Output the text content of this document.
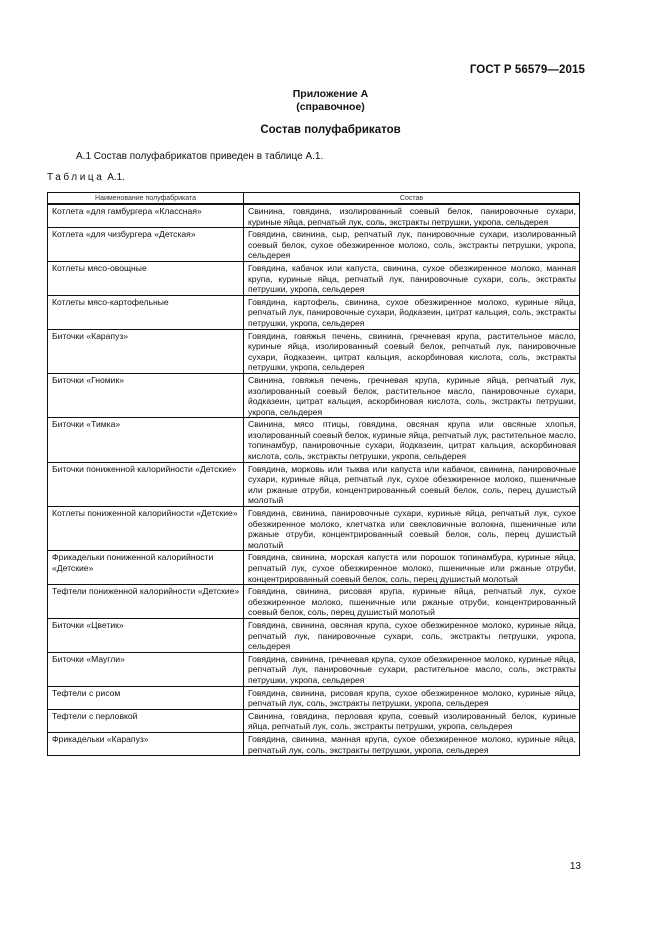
ГОСТ Р 56579—2015
Приложение А
(справочное)
Состав полуфабрикатов
А.1 Состав полуфабрикатов приведен в таблице А.1.
Таблица А.1.
Наименование полуфабриката	Состав
Котлета «для гамбургера «Классная»	Свинина, говядина, изолированный соевый белок, панировочные сухари, куриные яйца, репчатый лук, соль, экстракты петрушки, укропа, сельдерея
Котлета «для чизбургера «Детская»	Говядина, свинина, сыр, репчатый лук, панировочные сухари, изолированный соевый белок, сухое обезжиренное молоко, соль, экстракты петрушки, укропа, сельдерея
Котлеты мясо-овощные	Говядина, кабачок или капуста, свинина, сухое обезжиренное молоко, манная крупа, куриные яйца, репчатый лук, панировочные сухари, соль, экстракты петрушки, укропа, сельдерея
Котлеты мясо-картофельные	Говядина, картофель, свинина, сухое обезжиренное молоко, куриные яйца, репчатый лук, панировочные сухари, йодказеин, цитрат кальция, соль, экстракты петрушки, укропа, сельдерея
Биточки «Карапуз»	Говядина, говяжья печень, свинина, гречневая крупа, растительное масло, куриные яйца, изолированный соевый белок, репчатый лук, панировочные сухари, йодказеин, цитрат кальция, аскорбиновая кислота, соль, экстракты петрушки, укропа, сельдерея
Биточки «Гномик»	Свинина, говяжья печень, гречневая крупа, куриные яйца, репчатый лук, изолированный соевый белок, растительное масло, панировочные сухари, йодказеин, цитрат кальция, аскорбиновая кислота, соль, экстракты петрушки, укропа, сельдерея
Биточки «Тимка»	Свинина, мясо птицы, говядина, овсяная крупа или овсяные хлопья, изолированный соевый белок, куриные яйца, репчатый лук, растительное масло, топинамбур, панировочные сухари, йодказеин, цитрат кальция, аскорбиновая кислота, соль, экстракты петрушки, укропа, сельдерея
Биточки пониженной калорийности «Детские»	Говядина, морковь или тыква или капуста или кабачок, свинина, панировочные сухари, куриные яйца, репчатый лук, сухое обезжиренное молоко, пшеничные или ржаные отруби, концентрированный соевый белок, соль, перец душистый молотый
Котлеты пониженной калорийности «Детские»	Говядина, свинина, панировочные сухари, куриные яйца, репчатый лук, сухое обезжиренное молоко, клетчатка или свекловичные волокна, пшеничные или ржаные отруби, концентрированный соевый белок, соль, перец душистый молотый
Фрикадельки пониженной калорийности «Детские»	Говядина, свинина, морская капуста или порошок топинамбура, куриные яйца, репчатый лук, сухое обезжиренное молоко, пшеничные или ржаные отруби, концентрированный соевый белок, соль, перец душистый молотый
Тефтели пониженной калорийности «Детские»	Говядина, свинина, рисовая крупа, куриные яйца, репчатый лук, сухое обезжиренное молоко, пшеничные или ржаные отруби, концентрированный соевый белок, соль, перец душистый молотый
Биточки «Цветик»	Говядина, свинина, овсяная крупа, сухое обезжиренное молоко, куриные яйца, репчатый лук, панировочные сухари, соль, экстракты петрушки, укропа, сельдерея
Биточки «Маугли»	Говядина, свинина, гречневая крупа, сухое обезжиренное молоко, куриные яйца, репчатый лук, панировочные сухари, растительное масло, соль, экстракты петрушки, укропа, сельдерея
Тефтели с рисом	Говядина, свинина, рисовая крупа, сухое обезжиренное молоко, куриные яйца, репчатый лук, соль, экстракты петрушки, укропа, сельдерея
Тефтели с перловкой	Свинина, говядина, перловая крупа, соевый изолированный белок, куриные яйца, репчатый лук, соль, экстракты петрушки, укропа, сельдерея
Фрикадельки «Карапуз»	Говядина, свинина, манная крупа, сухое обезжиренное молоко, куриные яйца, репчатый лук, соль, экстракты петрушки, укропа, сельдерея
13
